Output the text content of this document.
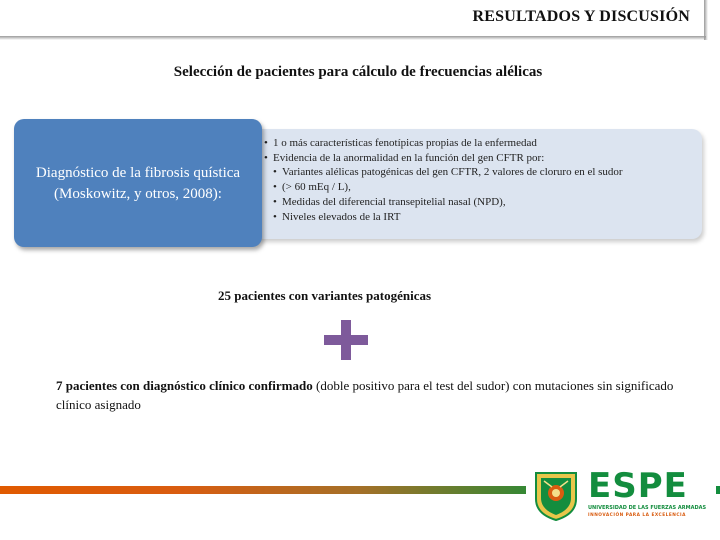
RESULTADOS Y DISCUSIÓN
Selección de pacientes para cálculo de frecuencias alélicas
• 1 o más características fenotípicas propias de la enfermedad
• Evidencia de la anormalidad en la función del gen CFTR por:
• Variantes alélicas patogénicas del gen CFTR, 2 valores de cloruro en el sudor
• (> 60 mEq / L),
• Medidas del diferencial transepitelial nasal (NPD),
• Niveles elevados de la IRT
Diagnóstico de la fibrosis quística (Moskowitz, y otros, 2008):
25 pacientes con variantes patogénicas
7 pacientes con diagnóstico clínico confirmado (doble positivo para el test del sudor) con mutaciones sin significado clínico asignado
ESPE
UNIVERSIDAD DE LAS FUERZAS ARMADAS
INNOVACIÓN PARA LA EXCELENCIA
